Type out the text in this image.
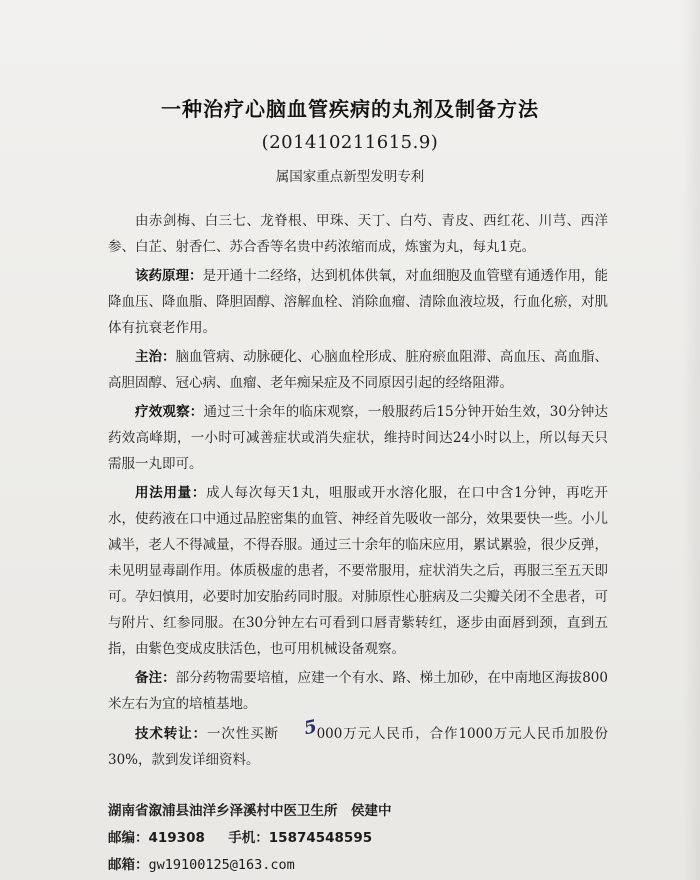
一种治疗心脑血管疾病的丸剂及制备方法
(201410211615.9)
属国家重点新型发明专利

由赤剑梅、白三七、龙脊根、甲珠、天丁、白芍、青皮、西红花、川芎、西洋参、白芷、射香仁、苏合香等名贵中药浓缩而成，炼蜜为丸，每丸1克。

该药原理：是开通十二经络，达到机体供氧，对血细胞及血管壁有通透作用，能降血压、降血脂、降胆固醇、溶解血栓、消除血瘤、清除血液垃圾，行血化瘀，对肌体有抗衰老作用。

主治：脑血管病、动脉硬化、心脑血栓形成、脏府瘀血阻滞、高血压、高血脂、高胆固醇、冠心病、血瘤、老年痴呆症及不同原因引起的经络阻滞。

疗效观察：通过三十余年的临床观察，一般服药后15分钟开始生效，30分钟达药效高峰期，一小时可减善症状或消失症状，维持时间达24小时以上，所以每天只需服一丸即可。

用法用量：成人每次每天1丸，咀服或开水溶化服，在口中含1分钟，再吃开水，使药液在口中通过品腔密集的血管、神经首先吸收一部分，效果要快一些。小儿减半，老人不得减量，不得吞服。通过三十余年的临床应用，累试累验，很少反弹，未见明显毒副作用。体质极虚的患者，不要常服用，症状消失之后，再服三至五天即可。孕妇慎用，必要时加安胎药同时服。对肺原性心脏病及二尖瓣关闭不全患者，可与附片、红参同服。在30分钟左右可看到口唇青紫转红，逐步由面唇到颈，直到五指，由紫色变成皮肤活色，也可用机械设备观察。

备注：部分药物需要培植，应建一个有水、路、梯土加砂，在中南地区海拔800米左右为宜的培植基地。

技术转让：一次性买断 5000万元人民币，合作1000万元人民币加股份30%，款到发详细资料。

湖南省溆浦县油洋乡泽溪村中医卫生所　侯建中
邮编：419308 手机：15874548595
邮箱：gw19100125@163.com
